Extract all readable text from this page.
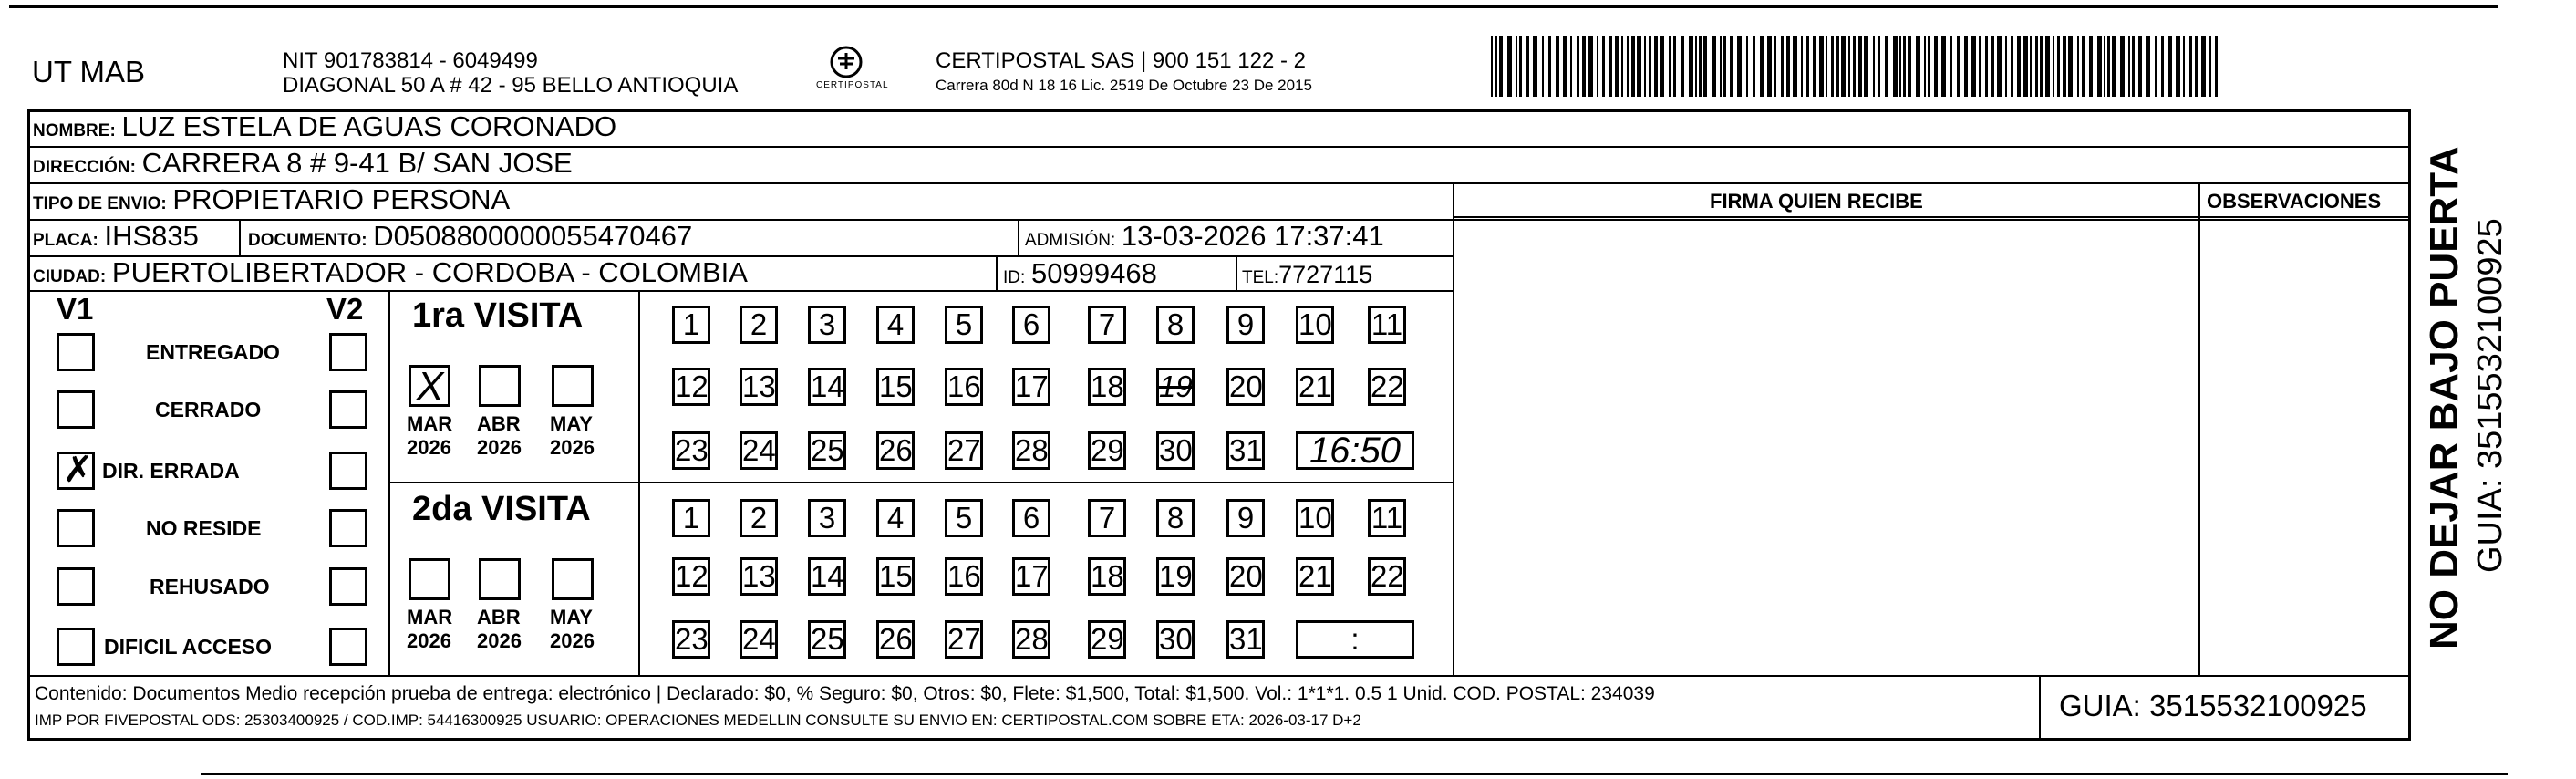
UT MAB	NIT 901783814 - 6049499
DIAGONAL 50 A # 42 - 95 BELLO ANTIOQUIA	CERTIPOSTAL
CERTIPOSTAL SAS | 900 151 122 - 2
Carrera 80d N 18 16 Lic. 2519 De Octubre 23 De 2015
NOMBRE: LUZ ESTELA DE AGUAS CORONADO
DIRECCIÓN: CARRERA 8 # 9-41 B/ SAN JOSE
TIPO DE ENVIO: PROPIETARIO PERSONA
PLACA: IHS835	DOCUMENTO: D0508800000055470467	ADMISIÓN: 13-03-2026 17:37:41
CIUDAD: PUERTOLIBERTADOR - CORDOBA - COLOMBIA	ID: 50999468	TEL:7727115
FIRMA QUIEN RECIBE	OBSERVACIONES
V1	V2
ENTREGADO
CERRADO
✗ DIR. ERRADA
NO RESIDE
REHUSADO
DIFICIL ACCESO
1ra VISITA
X
MAR
2026
ABR
2026
MAY
2026
1	2	3	4	5	6	7	8	9	10 11
12 13 14 15 16 17 18 19 20 21 22
23 24 25 26 27 28 29 30 31	16:50
2da VISITA
MAR
2026
ABR
2026
MAY
2026
1	2	3	4	5	6	7	8	9	10 11
12 13 14 15 16 17 18 19 20 21 22
23 24 25 26 27 28 29 30 31	:
Contenido: Documentos Medio recepción prueba de entrega: electrónico | Declarado: $0, % Seguro: $0, Otros: $0, Flete: $1,500, Total: $1,500. Vol.: 1*1*1. 0.5 1 Unid. COD. POSTAL: 234039
IMP POR FIVEPOSTAL ODS: 25303400925 / COD.IMP: 54416300925 USUARIO: OPERACIONES MEDELLIN CONSULTE SU ENVIO EN: CERTIPOSTAL.COM SOBRE ETA: 2026-03-17 D+2	GUIA: 3515532100925
NO DEJAR BAJO PUERTA GUIA: 3515532100925
